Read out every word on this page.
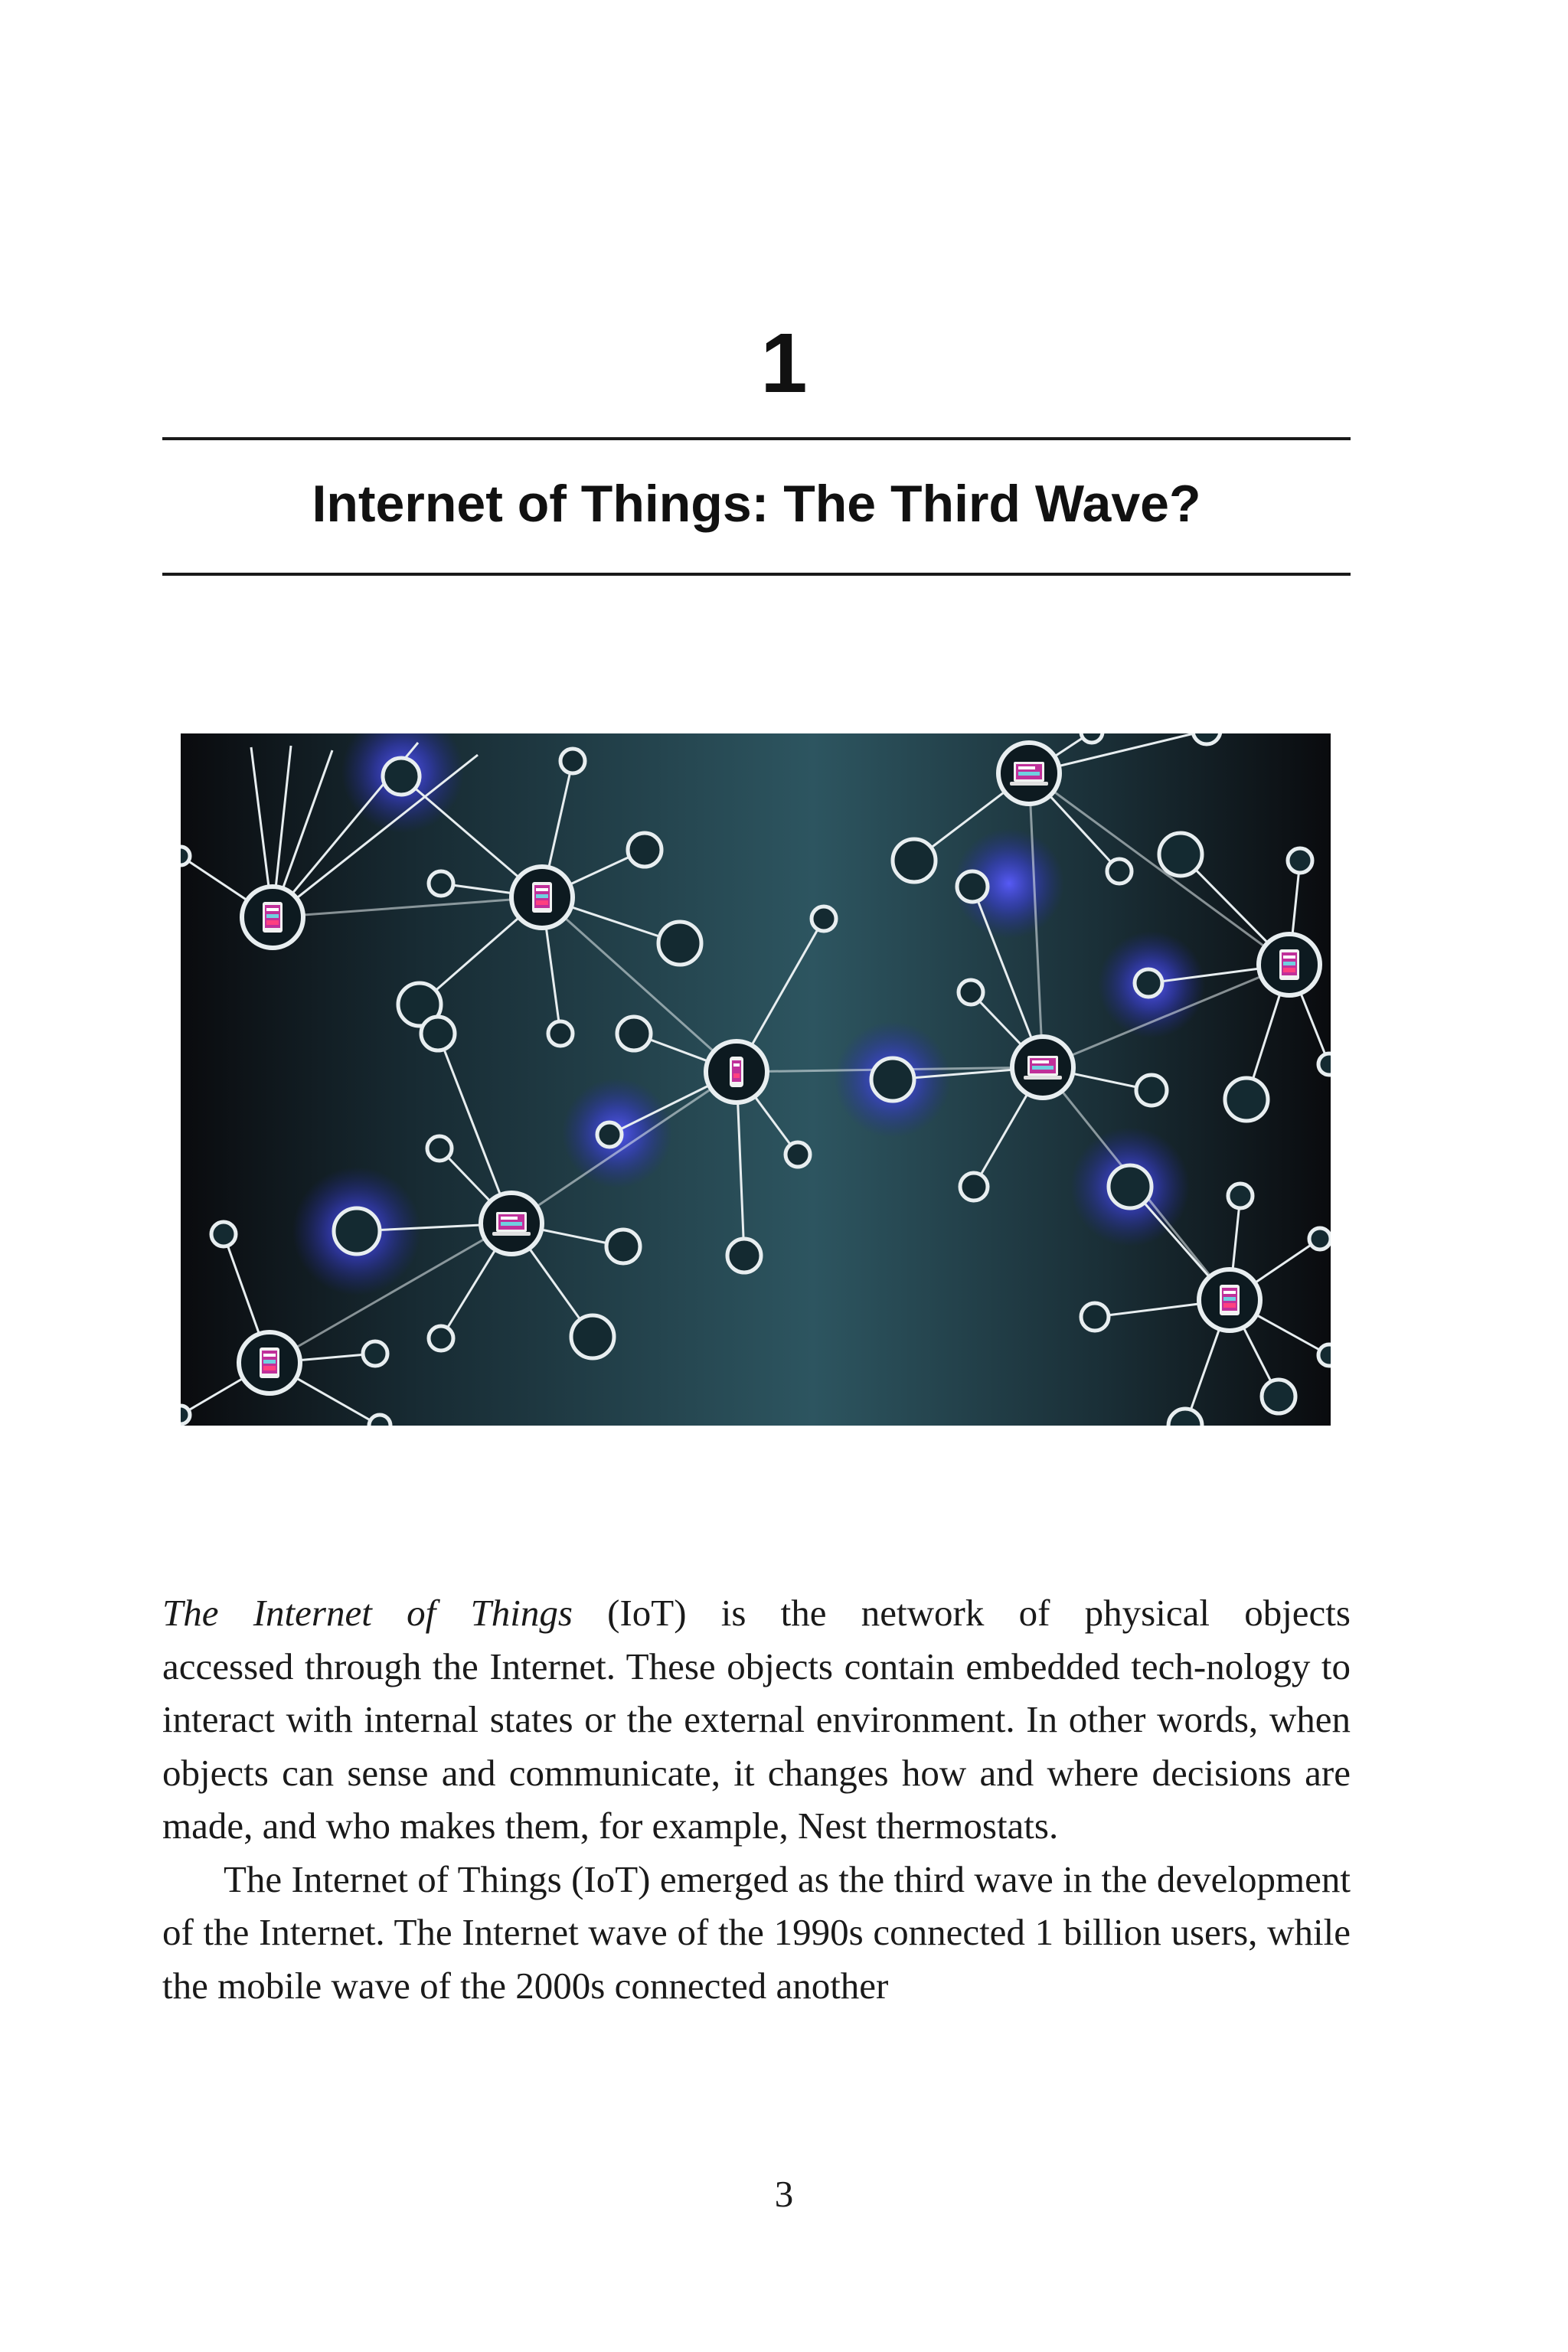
1
Internet of Things: The Third Wave?

The Internet of Things (IoT) is the network of physical objects

accessed through the Internet. These objects contain embedded tech-nology to interact with internal states or the external environment. In other words, when objects can sense and communicate, it changes how and where decisions are made, and who makes them, for example, Nest thermostats.

The Internet of Things (IoT) emerged as the third wave in the development of the Internet. The Internet wave of the 1990s connected 1 billion users, while the mobile wave of the 2000s connected another

3
